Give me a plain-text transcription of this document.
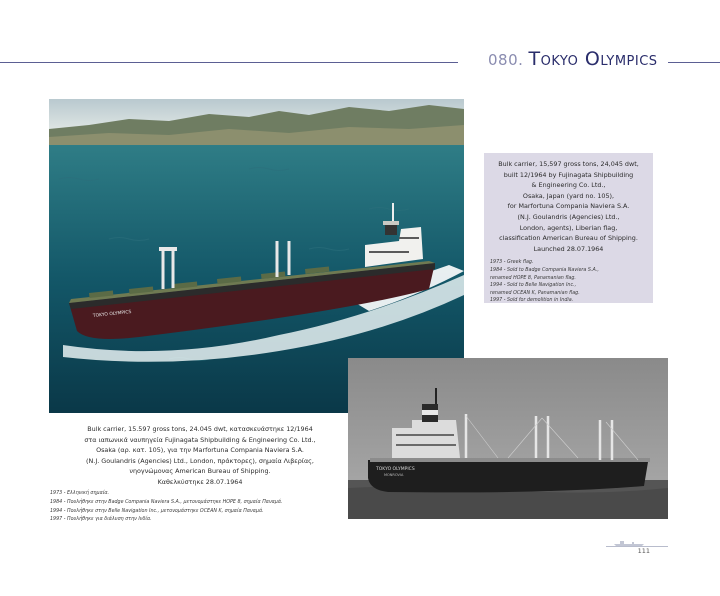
080. Tokyo Olympics
TOKYO OLYMPICS
TOKYO OLYMPICS
MONROVIA
Bulk carrier, 15,597 gross tons, 24,045 dwt,
built 12/1964 by Fujinagata Shipbuilding
& Engineering Co. Ltd.,
Osaka, Japan (yard no. 105),
for Marfortuna Compania Naviera S.A.
(N.J. Goulandris (Agencies) Ltd.,
London, agents), Liberian flag,
classification American Bureau of Shipping.
Launched 28.07.1964
1973 - Greek flag.
1984 - Sold to Badge Compania Naviera S.A.,
renamed HOPE 8, Panamanian flag.
1994 - Sold to Belle Navigation Inc.,
renamed OCEAN K, Panamanian flag.
1997 - Sold for demolition in India.
Bulk carrier, 15.597 gross tons, 24.045 dwt, κατασκευάστηκε 12/1964
στα ιαπωνικά ναυπηγεία Fujinagata Shipbuilding & Engineering Co. Ltd.,
Osaka (αρ. κατ. 105), για την Marfortuna Compania Naviera S.A.
(N.J. Goulandris (Agencies) Ltd., London, πράκτορες), σημαία Λιβερίας,
νηογνώμονας American Bureau of Shipping.
Καθελκύστηκε 28.07.1964
1973 - Ελληνική σημαία.
1984 - Πουλήθηκε στην Badge Compania Naviera S.A., μετονομάστηκε HOPE 8, σημαία Παναμά.
1994 - Πουλήθηκε στην Belle Navigation Inc., μετονομάστηκε OCEAN K, σημαία Παναμά.
1997 - Πουλήθηκε για διάλυση στην Ινδία.
111
